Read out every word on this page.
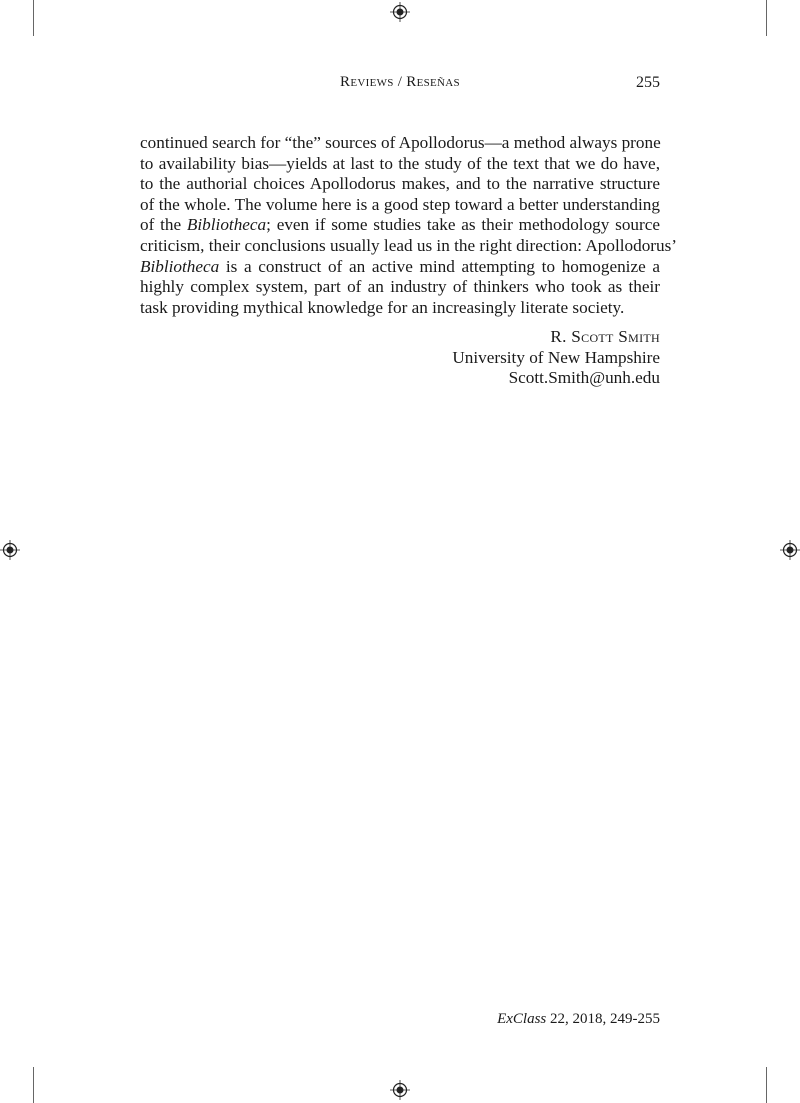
Reviews / Reseñas	255
continued search for “the” sources of Apollodorus—a method always prone
to availability bias—yields at last to the study of the text that we do have,
to the authorial choices Apollodorus makes, and to the narrative structure
of the whole. The volume here is a good step toward a better understanding
of the Bibliotheca; even if some studies take as their methodology source
criticism, their conclusions usually lead us in the right direction: Apollodorus’
Bibliotheca is a construct of an active mind attempting to homogenize a
highly complex system, part of an industry of thinkers who took as their
task providing mythical knowledge for an increasingly literate society.
R. Scott Smith
University of New Hampshire
Scott.Smith@unh.edu
ExClass 22, 2018, 249-255
